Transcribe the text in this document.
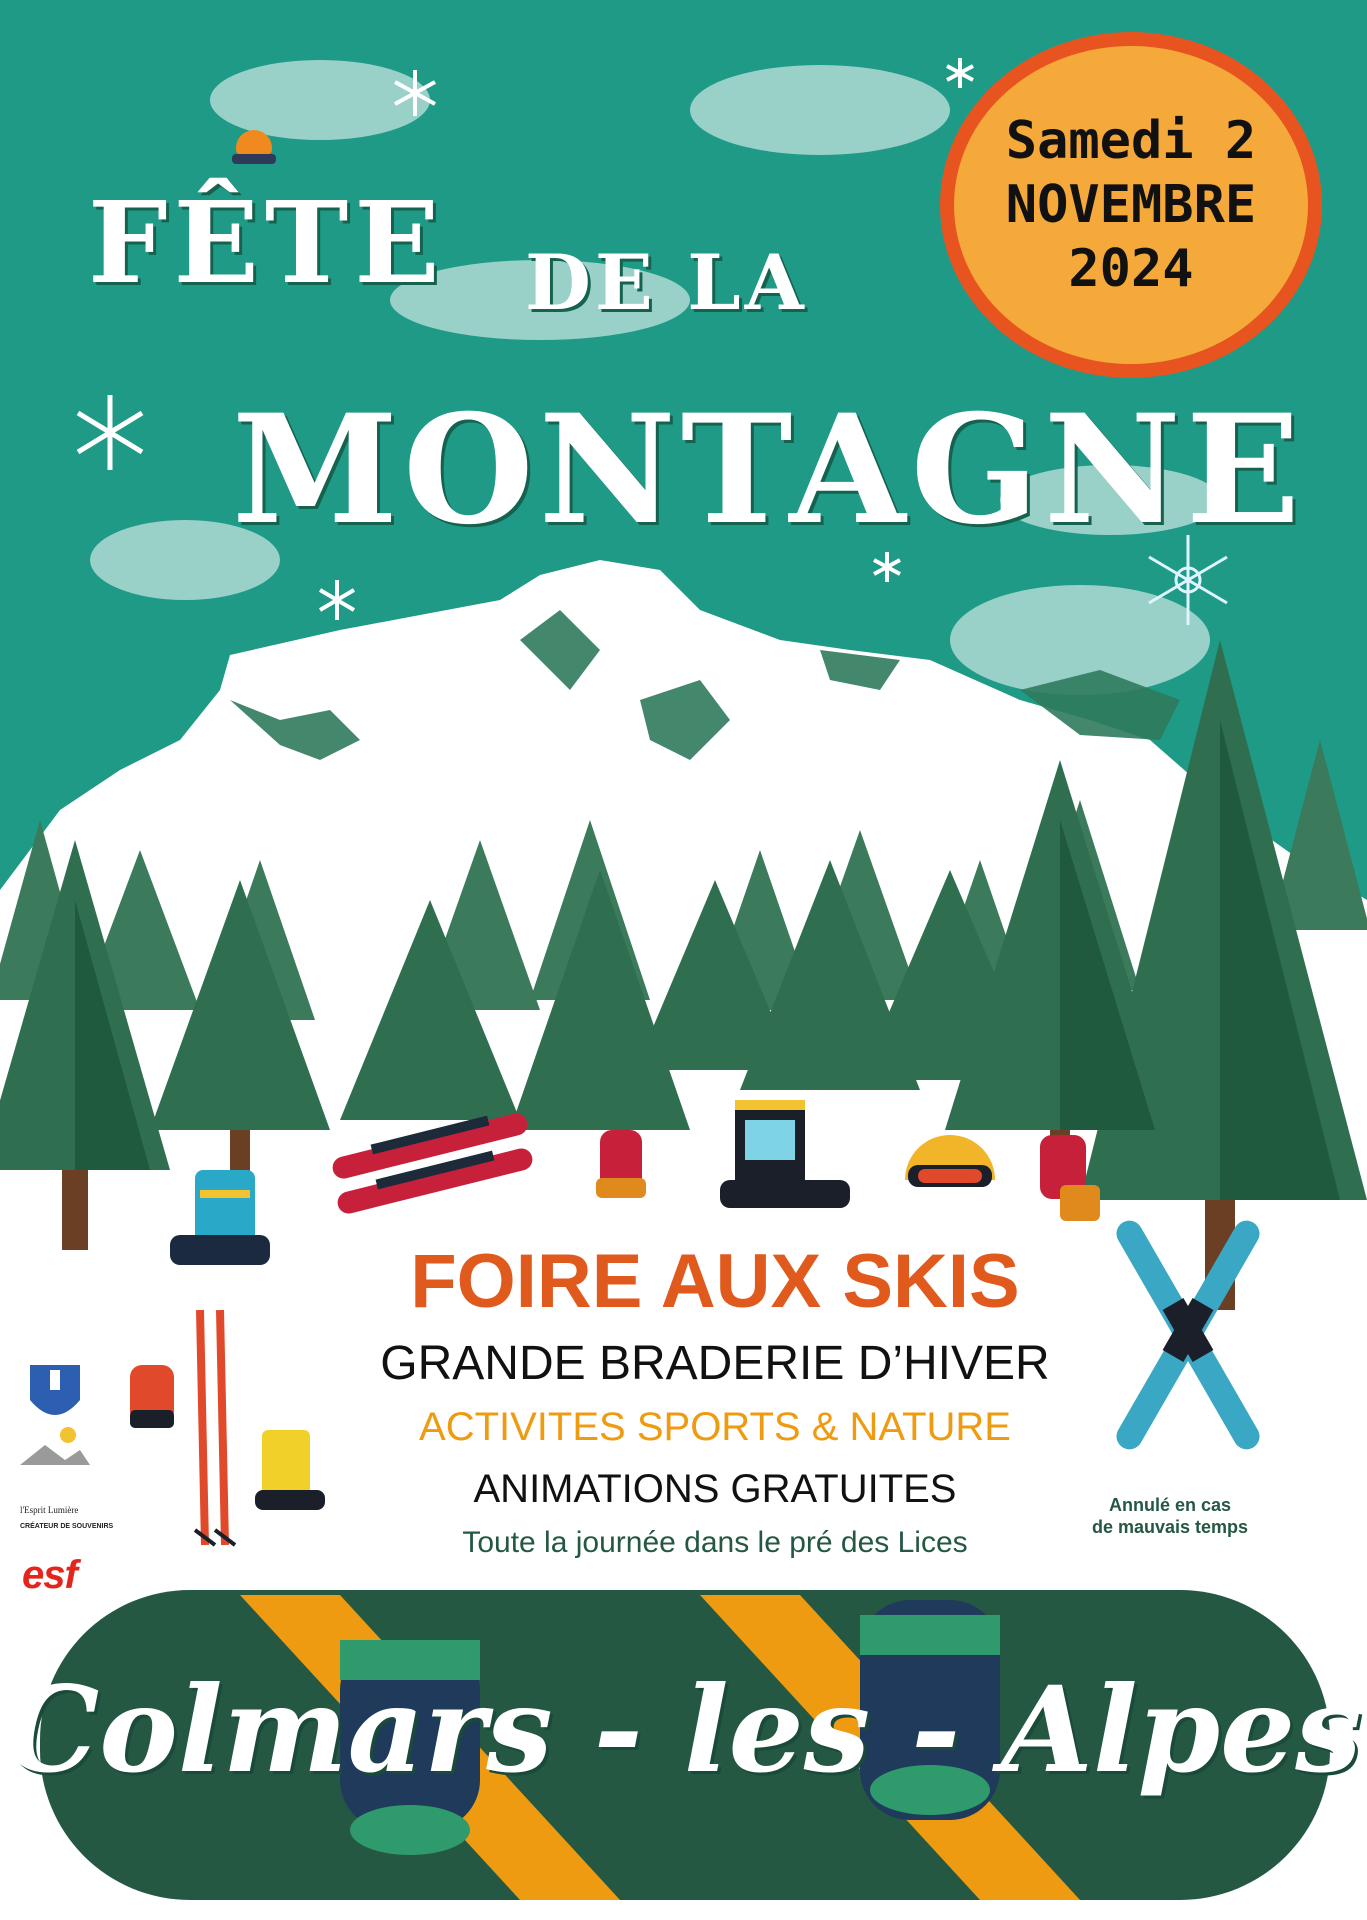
FÊTE DE LA
MONTAGNE
Samedi 2
NOVEMBRE
2024

FOIRE AUX SKIS

GRANDE BRADERIE D’HIVER

ACTIVITES SPORTS & NATURE

ANIMATIONS GRATUITES

Toute la journée dans le pré des Lices

Annulé en cas
de mauvais temps
l'Esprit Lumière
CRÉATEUR DE SOUVENIRS
esf
Colmars - les - Alpes
